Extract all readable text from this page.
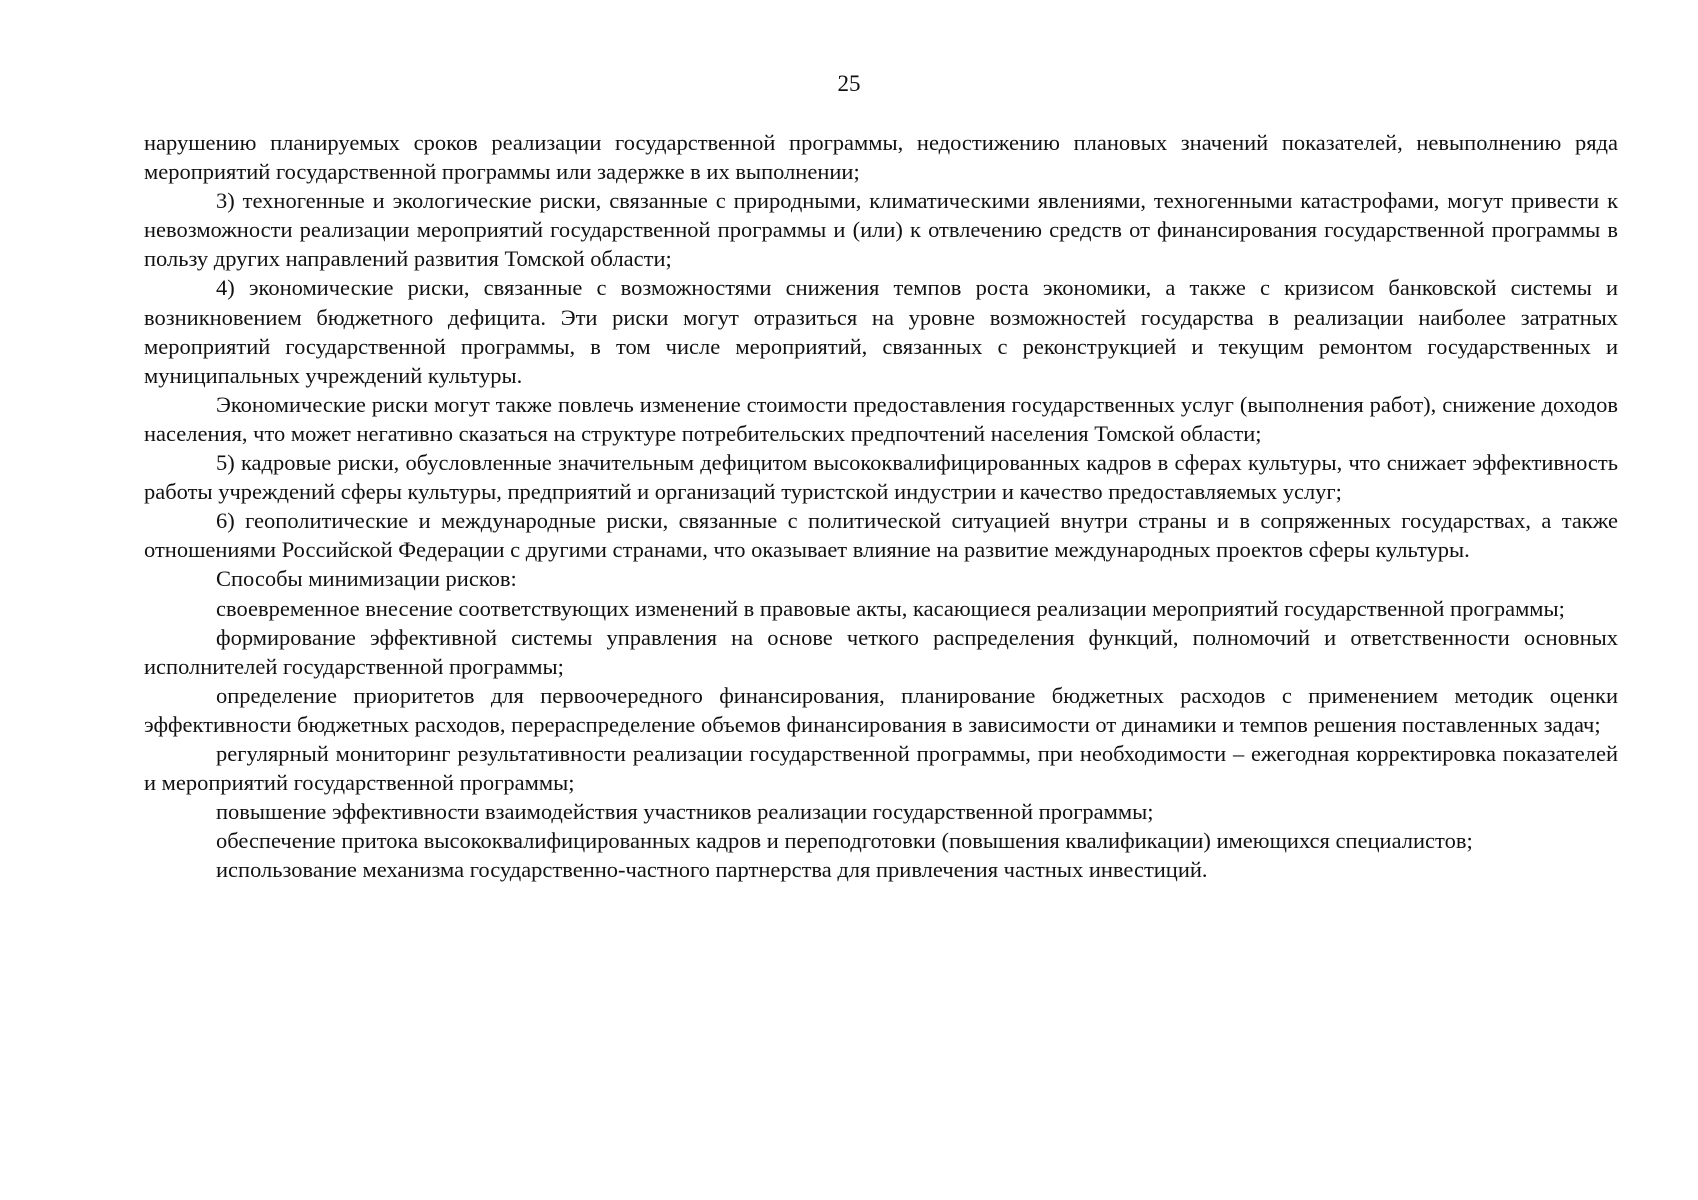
25

нарушению планируемых сроков реализации государственной программы, недостижению плановых значений показателей, невыполнению ряда мероприятий государственной программы или задержке в их выполнении;

3) техногенные и экологические риски, связанные с природными, климатическими явлениями, техногенными катастрофами, могут привести к невозможности реализации мероприятий государственной программы и (или) к отвлечению средств от финансирования государственной программы в пользу других направлений развития Томской области;

4) экономические риски, связанные с возможностями снижения темпов роста экономики, а также с кризисом банковской системы и возникновением бюджетного дефицита. Эти риски могут отразиться на уровне возможностей государства в реализации наиболее затратных мероприятий государственной программы, в том числе мероприятий, связанных с реконструкцией и текущим ремонтом государственных и муниципальных учреждений культуры.

Экономические риски могут также повлечь изменение стоимости предоставления государственных услуг (выполнения работ), снижение доходов населения, что может негативно сказаться на структуре потребительских предпочтений населения Томской области;

5) кадровые риски, обусловленные значительным дефицитом высококвалифицированных кадров в сферах культуры, что снижает эффективность работы учреждений сферы культуры, предприятий и организаций туристской индустрии и качество предоставляемых услуг;

6) геополитические и международные риски, связанные с политической ситуацией внутри страны и в сопряженных государствах, а также отношениями Российской Федерации с другими странами, что оказывает влияние на развитие международных проектов сферы культуры.

Способы минимизации рисков:

своевременное внесение соответствующих изменений в правовые акты, касающиеся реализации мероприятий государственной программы;

формирование эффективной системы управления на основе четкого распределения функций, полномочий и ответственности основных исполнителей государственной программы;

определение приоритетов для первоочередного финансирования, планирование бюджетных расходов с применением методик оценки эффективности бюджетных расходов, перераспределение объемов финансирования в зависимости от динамики и темпов решения поставленных задач;

регулярный мониторинг результативности реализации государственной программы, при необходимости – ежегодная корректировка показателей и мероприятий государственной программы;

повышение эффективности взаимодействия участников реализации государственной программы;

обеспечение притока высококвалифицированных кадров и переподготовки (повышения квалификации) имеющихся специалистов;

использование механизма государственно-частного партнерства для привлечения частных инвестиций.
